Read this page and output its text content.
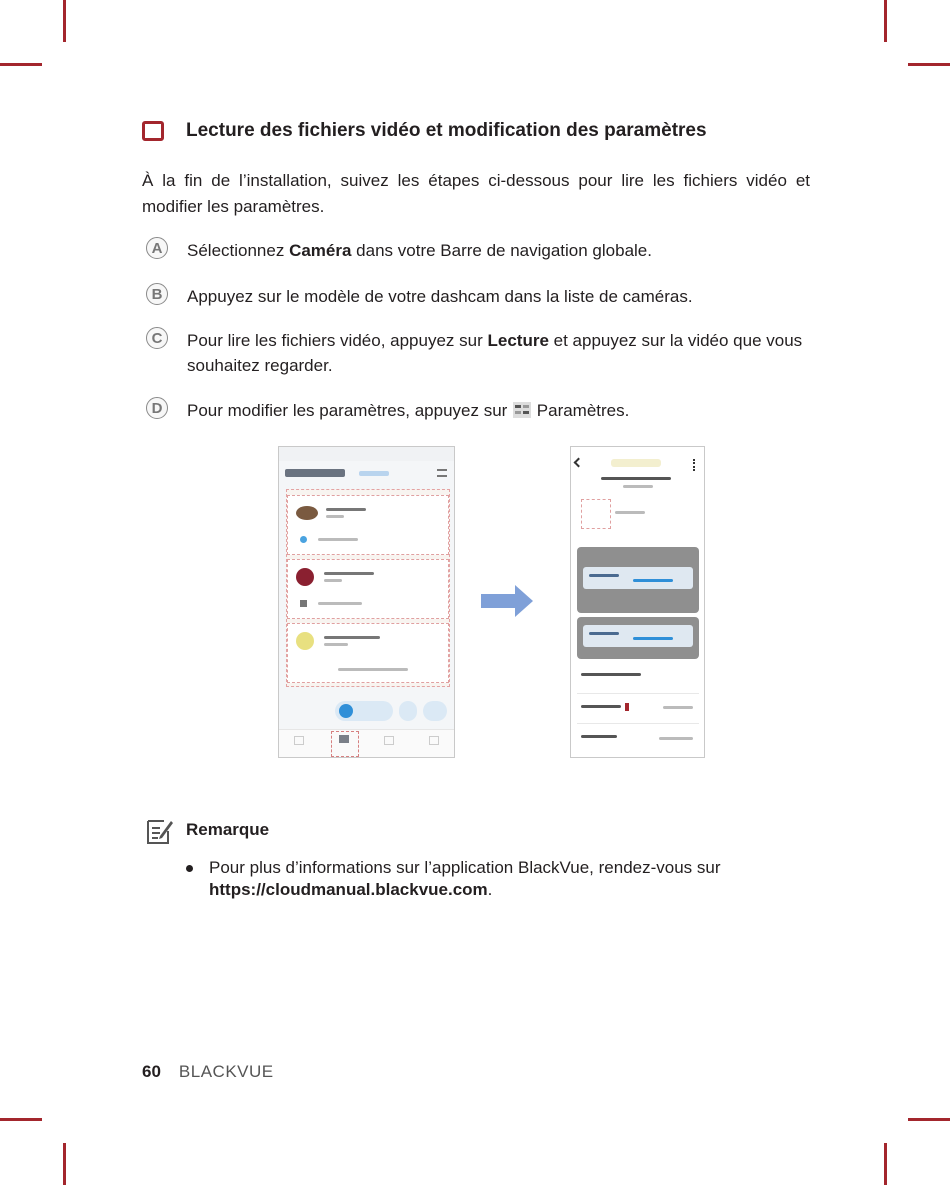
Lecture des fichiers vidéo et modification des paramètres
À la fin de l’installation, suivez les étapes ci-dessous pour lire les fichiers vidéo et modifier les paramètres.
A	Sélectionnez Caméra dans votre Barre de navigation globale.
B	Appuyez sur le modèle de votre dashcam dans la liste de caméras.
C	Pour lire les fichiers vidéo, appuyez sur Lecture et appuyez sur la vidéo que vous souhaitez regarder.
D	Pour modifier les paramètres, appuyez sur  Paramètres.
Remarque
Pour plus d’informations sur l’application BlackVue, rendez-vous sur
https://cloudmanual.blackvue.com.
60 BLACKVUE
